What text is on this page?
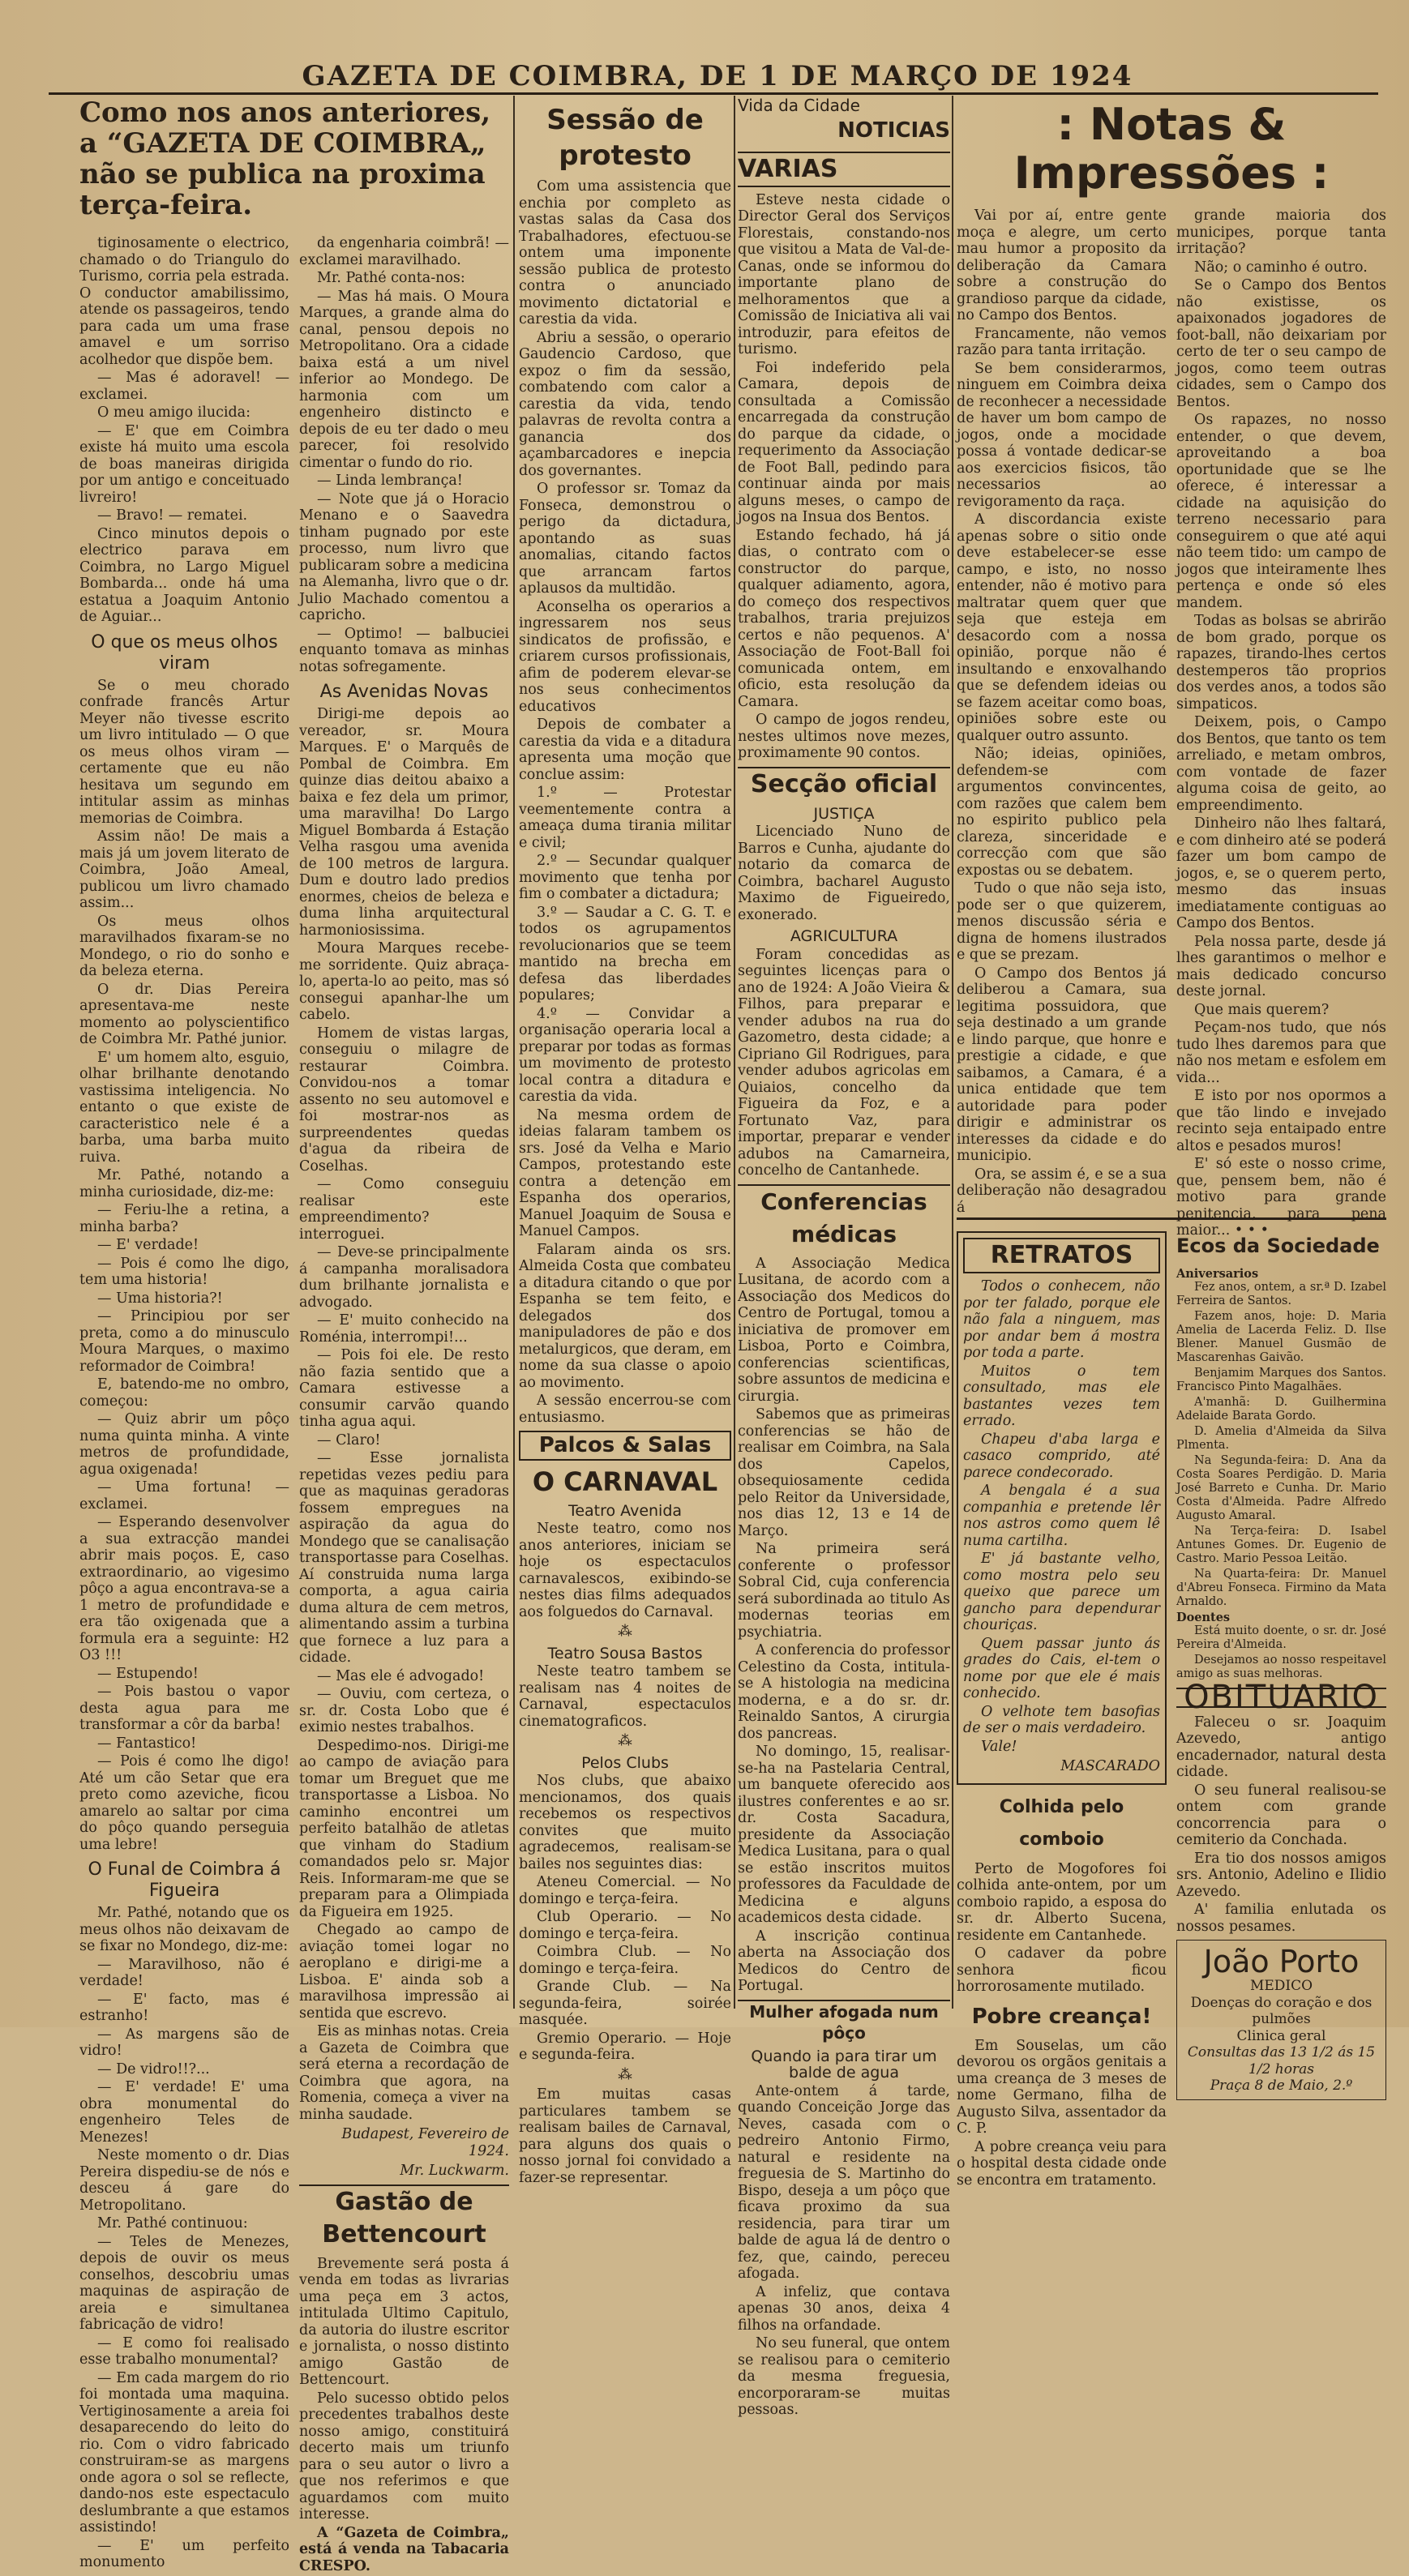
GAZETA DE COIMBRA, DE 1 DE MARÇO DE 1924
Como nos anos anteriores, a “GAZETA DE COIMBRA„ não se publica na proxima terça-feira.

tiginosamente o electrico, chamado o do Triangulo do Turismo, corria pela estrada. O conductor amabilissimo, atende os passageiros, tendo para cada um uma frase amavel e um sorriso acolhedor que dispõe bem.

— Mas é adoravel! — exclamei.

O meu amigo ilucida:

— E' que em Coimbra existe há muito uma escola de boas maneiras dirigida por um antigo e conceituado livreiro!

— Bravo! — rematei.

Cinco minutos depois o electrico parava em Coimbra, no Largo Miguel Bombarda... onde há uma estatua a Joaquim Antonio de Aguiar...

O que os meus olhos viram

Se o meu chorado confrade francês Artur Meyer não tivesse escrito um livro intitulado — O que os meus olhos viram — certamente que eu não hesitava um segundo em intitular assim as minhas memorias de Coimbra.

Assim não! De mais a mais já um jovem literato de Coimbra, João Ameal, publicou um livro chamado assim...

Os meus olhos maravilhados fixaram-se no Mondego, o rio do sonho e da beleza eterna.

O dr. Dias Pereira apresentava-me neste momento ao polyscientifico de Coimbra Mr. Pathé junior.

E' um homem alto, esguio, olhar brilhante denotando vastissima inteligencia. No entanto o que existe de caracteristico nele é a barba, uma barba muito ruiva.

Mr. Pathé, notando a minha curiosidade, diz-me:

— Feriu-lhe a retina, a minha barba?

— E' verdade!

— Pois é como lhe digo, tem uma historia!

— Uma historia?!

— Principiou por ser preta, como a do minusculo Moura Marques, o maximo reformador de Coimbra!

E, batendo-me no ombro, começou:

— Quiz abrir um pôço numa quinta minha. A vinte metros de profundidade, agua oxigenada!

— Uma fortuna! — exclamei.

— Esperando desenvolver a sua extracção mandei abrir mais poços. E, caso extraordinario, ao vigesimo pôço a agua encontrava-se a 1 metro de profundidade e era tão oxigenada que a formula era a seguinte: H2 O3 !!!

— Estupendo!

— Pois bastou o vapor desta agua para me transformar a côr da barba!

— Fantastico!

— Pois é como lhe digo! Até um cão Setar que era preto como azeviche, ficou amarelo ao saltar por cima do pôço quando perseguia uma lebre!

O Funal de Coimbra á Figueira

Mr. Pathé, notando que os meus olhos não deixavam de se fixar no Mondego, diz-me:

— Maravilhoso, não é verdade!

— E' facto, mas é estranho!

— As margens são de vidro!

— De vidro!!?...

— E' verdade! E' uma obra monumental do engenheiro Teles de Menezes!

Neste momento o dr. Dias Pereira dispediu-se de nós e desceu á gare do Metropolitano.

Mr. Pathé continuou:

— Teles de Menezes, depois de ouvir os meus conselhos, descobriu umas maquinas de aspiração de areia e simultanea fabricação de vidro!

— E como foi realisado esse trabalho monumental?

— Em cada margem do rio foi montada uma maquina. Vertiginosamente a areia foi desaparecendo do leito do rio. Com o vidro fabricado construiram-se as margens onde agora o sol se reflecte, dando-nos este espectaculo deslumbrante a que estamos assistindo!

— E' um perfeito monumento

da engenharia coimbrã! — exclamei maravilhado.

Mr. Pathé conta-nos:

— Mas há mais. O Moura Marques, a grande alma do canal, pensou depois no Metropolitano. Ora a cidade baixa está a um nivel inferior ao Mondego. De harmonia com um engenheiro distincto e depois de eu ter dado o meu parecer, foi resolvido cimentar o fundo do rio.

— Linda lembrança!

— Note que já o Horacio Menano e o Saavedra tinham pugnado por este processo, num livro que publicaram sobre a medicina na Alemanha, livro que o dr. Julio Machado comentou a capricho.

— Optimo! — balbuciei enquanto tomava as minhas notas sofregamente.

As Avenidas Novas

Dirigi-me depois ao vereador, sr. Moura Marques. E' o Marquês de Pombal de Coimbra. Em quinze dias deitou abaixo a baixa e fez dela um primor, uma maravilha! Do Largo Miguel Bombarda á Estação Velha rasgou uma avenida de 100 metros de largura. Dum e doutro lado predios enormes, cheios de beleza e duma linha arquitectural harmoniosissima.

Moura Marques recebe-me sorridente. Quiz abraça-lo, aperta-lo ao peito, mas só consegui apanhar-lhe um cabelo.

Homem de vistas largas, conseguiu o milagre de restaurar Coimbra. Convidou-nos a tomar assento no seu automovel e foi mostrar-nos as surpreendentes quedas d'agua da ribeira de Coselhas.

— Como conseguiu realisar este empreendimento? interroguei.

— Deve-se principalmente á campanha moralisadora dum brilhante jornalista e advogado.

— E' muito conhecido na Roménia, interrompi!...

— Pois foi ele. De resto não fazia sentido que a Camara estivesse a consumir carvão quando tinha agua aqui.

— Claro!

— Esse jornalista repetidas vezes pediu para que as maquinas geradoras fossem empregues na aspiração da agua do Mondego que se canalisação transportasse para Coselhas. Aí construida numa larga comporta, a agua cairia duma altura de cem metros, alimentando assim a turbina que fornece a luz para a cidade.

— Mas ele é advogado!

— Ouviu, com certeza, o sr. dr. Costa Lobo que é eximio nestes trabalhos.

Despedimo-nos. Dirigi-me ao campo de aviação para tomar um Breguet que me transportasse a Lisboa. No caminho encontrei um perfeito batalhão de atletas que vinham do Stadium comandados pelo sr. Major Reis. Informaram-me que se preparam para a Olimpiada da Figueira em 1925.

Chegado ao campo de aviação tomei logar no aeroplano e dirigi-me a Lisboa. E' ainda sob a maravilhosa impressão ai sentida que escrevo.

Eis as minhas notas. Creia a Gazeta de Coimbra que será eterna a recordação de Coimbra que agora, na Romenia, começa a viver na minha saudade.

Budapest, Fevereiro de 1924.
Mr. Luckwarm.
Gastão de Bettencourt

Brevemente será posta á venda em todas as livrarias uma peça em 3 actos, intitulada Ultimo Capitulo, da autoria do ilustre escritor e jornalista, o nosso distinto amigo Gastão de Bettencourt.

Pelo sucesso obtido pelos precedentes trabalhos deste nosso amigo, constituirá decerto mais um triunfo para o seu autor o livro a que nos referimos e que aguardamos com muito interesse.

A “Gazeta de Coimbra„ está á venda na Tabacaria CRESPO.

Sessão de protesto

Com uma assistencia que enchia por completo as vastas salas da Casa dos Trabalhadores, efectuou-se ontem uma imponente sessão publica de protesto contra o anunciado movimento dictatorial e carestia da vida.

Abriu a sessão, o operario Gaudencio Cardoso, que expoz o fim da sessão, combatendo com calor a carestia da vida, tendo palavras de revolta contra a ganancia dos açambarcadores e inepcia dos governantes.

O professor sr. Tomaz da Fonseca, demonstrou o perigo da dictadura, apontando as suas anomalias, citando factos que arrancam fartos aplausos da multidão.

Aconselha os operarios a ingressarem nos seus sindicatos de profissão, e criarem cursos profissionais, afim de poderem elevar-se nos seus conhecimentos educativos

Depois de combater a carestia da vida e a ditadura apresenta uma moção que conclue assim:

1.º — Protestar veementemente contra a ameaça duma tirania militar e civil;

2.º — Secundar qualquer movimento que tenha por fim o combater a dictadura;

3.º — Saudar a C. G. T. e todos os agrupamentos revolucionarios que se teem mantido na brecha em defesa das liberdades populares;

4.º — Convidar a organisação operaria local a preparar por todas as formas um movimento de protesto local contra a ditadura e carestia da vida.

Na mesma ordem de ideias falaram tambem os srs. José da Velha e Mario Campos, protestando este contra a detenção em Espanha dos operarios, Manuel Joaquim de Sousa e Manuel Campos.

Falaram ainda os srs. Almeida Costa que combateu a ditadura citando o que por Espanha se tem feito, e delegados dos manipuladores de pão e dos metalurgicos, que deram, em nome da sua classe o apoio ao movimento.

A sessão encerrou-se com entusiasmo.

Palcos & Salas
O CARNAVAL
Teatro Avenida

Neste teatro, como nos anos anteriores, iniciam se hoje os espectaculos carnavalescos, exibindo-se nestes dias films adequados aos folguedos do Carnaval.

⁂
Teatro Sousa Bastos

Neste teatro tambem se realisam nas 4 noites de Carnaval, espectaculos cinematograficos.

⁂
Pelos Clubs

Nos clubs, que abaixo mencionamos, dos quais recebemos os respectivos convites que muito agradecemos, realisam-se bailes nos seguintes dias:

Ateneu Comercial. — No domingo e terça-feira.

Club Operario. — No domingo e terça-feira.

Coimbra Club. — No domingo e terça-feira.

Grande Club. — Na segunda-feira, soirée masquée.

Gremio Operario. — Hoje e segunda-feira.

⁂

Em muitas casas particulares tambem se realisam bailes de Carnaval, para alguns dos quais o nosso jornal foi convidado a fazer-se representar.

Vida da Cidade
NOTICIAS
VARIAS

Esteve nesta cidade o Director Geral dos Serviços Florestais, constando-nos que visitou a Mata de Val-de-Canas, onde se informou do importante plano de melhoramentos que a Comissão de Iniciativa ali vai introduzir, para efeitos de turismo.

Foi indeferido pela Camara, depois de consultada a Comissão encarregada da construção do parque da cidade, o requerimento da Associação de Foot Ball, pedindo para continuar ainda por mais alguns meses, o campo de jogos na Insua dos Bentos.

Estando fechado, há já dias, o contrato com o constructor do parque, qualquer adiamento, agora, do começo dos respectivos trabalhos, traria prejuizos certos e não pequenos. A' Associação de Foot-Ball foi comunicada ontem, em oficio, esta resolução da Camara.

O campo de jogos rendeu, nestes ultimos nove mezes, proximamente 90 contos.

Secção oficial
JUSTIÇA

Licenciado Nuno de Barros e Cunha, ajudante do notario da comarca de Coimbra, bacharel Augusto Maximo de Figueiredo, exonerado.

AGRICULTURA

Foram concedidas as seguintes licenças para o ano de 1924: A João Vieira & Filhos, para preparar e vender adubos na rua do Gazometro, desta cidade; a Cipriano Gil Rodrigues, para vender adubos agricolas em Quiaios, concelho da Figueira da Foz, e a Fortunato Vaz, para importar, preparar e vender adubos na Camarneira, concelho de Cantanhede.

Conferencias médicas

A Associação Medica Lusitana, de acordo com a Associação dos Medicos do Centro de Portugal, tomou a iniciativa de promover em Lisboa, Porto e Coimbra, conferencias scientificas, sobre assuntos de medicina e cirurgia.

Sabemos que as primeiras conferencias se hão de realisar em Coimbra, na Sala dos Capelos, obsequiosamente cedida pelo Reitor da Universidade, nos dias 12, 13 e 14 de Março.

Na primeira será conferente o professor Sobral Cid, cuja conferencia será subordinada ao titulo As modernas teorias em psychiatria.

A conferencia do professor Celestino da Costa, intitula-se A histologia na medicina moderna, e a do sr. dr. Reinaldo Santos, A cirurgia dos pancreas.

No domingo, 15, realisar-se-ha na Pastelaria Central, um banquete oferecido aos ilustres conferentes e ao sr. dr. Costa Sacadura, presidente da Associação Medica Lusitana, para o qual se estão inscritos muitos professores da Faculdade de Medicina e alguns academicos desta cidade.

A inscrição continua aberta na Associação dos Medicos do Centro de Portugal.

Mulher afogada num pôço
Quando ia para tirar um balde de agua

Ante-ontem á tarde, quando Conceição Jorge das Neves, casada com o pedreiro Antonio Firmo, natural e residente na freguesia de S. Martinho do Bispo, deseja a um pôço que ficava proximo da sua residencia, para tirar um balde de agua lá de dentro o fez, que, caindo, pereceu afogada.

A infeliz, que contava apenas 30 anos, deixa 4 filhos na orfandade.

No seu funeral, que ontem se realisou para o cemiterio da mesma freguesia, encorporaram-se muitas pessoas.

: Notas & Impressões :

Vai por aí, entre gente moça e alegre, um certo mau humor a proposito da deliberação da Camara sobre a construção do grandioso parque da cidade, no Campo dos Bentos.

Francamente, não vemos razão para tanta irritação.

Se bem considerarmos, ninguem em Coimbra deixa de reconhecer a necessidade de haver um bom campo de jogos, onde a mocidade possa á vontade dedicar-se aos exercicios fisicos, tão necessarios ao revigoramento da raça.

A discordancia existe apenas sobre o sitio onde deve estabelecer-se esse campo, e isto, no nosso entender, não é motivo para maltratar quem quer que seja que esteja em desacordo com a nossa opinião, porque não é insultando e enxovalhando que se defendem ideias ou se fazem aceitar como boas, opiniões sobre este ou qualquer outro assunto.

Não; ideias, opiniões, defendem-se com argumentos convincentes, com razões que calem bem no espirito publico pela clareza, sinceridade e correcção com que são expostas ou se debatem.

Tudo o que não seja isto, pode ser o que quizerem, menos discussão séria e digna de homens ilustrados e que se prezam.

O Campo dos Bentos já deliberou a Camara, sua legitima possuidora, que seja destinado a um grande e lindo parque, que honre e prestigie a cidade, e que saibamos, a Camara, é a unica entidade que tem autoridade para poder dirigir e administrar os interesses da cidade e do municipio.

Ora, se assim é, e se a sua deliberação não desagradou á

grande maioria dos municipes, porque tanta irritação?

Não; o caminho é outro.

Se o Campo dos Bentos não existisse, os apaixonados jogadores de foot-ball, não deixariam por certo de ter o seu campo de jogos, como teem outras cidades, sem o Campo dos Bentos.

Os rapazes, no nosso entender, o que devem, aproveitando a boa oportunidade que se lhe oferece, é interessar a cidade na aquisição do terreno necessario para conseguirem o que até aqui não teem tido: um campo de jogos que inteiramente lhes pertença e onde só eles mandem.

Todas as bolsas se abrirão de bom grado, porque os rapazes, tirando-lhes certos destemperos tão proprios dos verdes anos, a todos são simpaticos.

Deixem, pois, o Campo dos Bentos, que tanto os tem arreliado, e metam ombros, com vontade de fazer alguma coisa de geito, ao empreendimento.

Dinheiro não lhes faltará, e com dinheiro até se poderá fazer um bom campo de jogos, e, se o querem perto, mesmo das insuas imediatamente contiguas ao Campo dos Bentos.

Pela nossa parte, desde já lhes garantimos o melhor e mais dedicado concurso deste jornal.

Que mais querem?

Peçam-nos tudo, que nós tudo lhes daremos para que não nos metam e esfolem em vida...

E isto por nos opormos a que tão lindo e invejado recinto seja entaipado entre altos e pesados muros!

E' só este o nosso crime, que, pensem bem, não é motivo para grande penitencia, para pena maior... • • •

RETRATOS

Todos o conhecem, não por ter falado, porque ele não fala a ninguem, mas por andar bem á mostra por toda a parte.

Muitos o tem consultado, mas ele bastantes vezes tem errado.

Chapeu d'aba larga e casaco comprido, até parece condecorado.

A bengala é a sua companhia e pretende lêr nos astros como quem lê numa cartilha.

E' já bastante velho, como mostra pelo seu queixo que parece um gancho para dependurar chouriças.

Quem passar junto ás grades do Cais, el-tem o nome por que ele é mais conhecido.

O velhote tem basofias de ser o mais verdadeiro.

Vale!

MASCARADO
Colhida pelo comboio

Perto de Mogofores foi colhida ante-ontem, por um comboio rapido, a esposa do sr. dr. Alberto Sucena, residente em Cantanhede.

O cadaver da pobre senhora ficou horrorosamente mutilado.

Pobre creança!

Em Souselas, um cão devorou os orgãos genitais a uma creança de 3 meses de nome Germano, filha de Augusto Silva, assentador da C. P.

A pobre creança veiu para o hospital desta cidade onde se encontra em tratamento.

Ecos da Sociedade
Aniversarios

Fez anos, ontem, a sr.ª D. Izabel Ferreira de Santos.

Fazem anos, hoje: D. Maria Amelia de Lacerda Feliz. D. Ilse Blener. Manuel Gusmão de Mascarenhas Gaivão.

Benjamim Marques dos Santos. Francisco Pinto Magalhães.

A'manhã: D. Guilhermina Adelaide Barata Gordo.

D. Amelia d'Almeida da Silva Plmenta.

Na Segunda-feira: D. Ana da Costa Soares Perdigão. D. Maria José Barreto e Cunha. Dr. Mario Costa d'Almeida. Padre Alfredo Augusto Amaral.

Na Terça-feira: D. Isabel Antunes Gomes. Dr. Eugenio de Castro. Mario Pessoa Leitão.

Na Quarta-feira: Dr. Manuel d'Abreu Fonseca. Firmino da Mata Arnaldo.

Doentes

Está muito doente, o sr. dr. José Pereira d'Almeida.

Desejamos ao nosso respeitavel amigo as suas melhoras.

OBITUARIO

Faleceu o sr. Joaquim Azevedo, antigo encadernador, natural desta cidade.

O seu funeral realisou-se ontem com grande concorrencia para o cemiterio da Conchada.

Era tio dos nossos amigos srs. Antonio, Adelino e Ilidio Azevedo.

A' familia enlutada os nossos pesames.

João Porto
MEDICO
Doenças do coração e dos pulmões
Clinica geral
Consultas das 13 1/2 ás 15 1/2 horas
Praça 8 de Maio, 2.º
